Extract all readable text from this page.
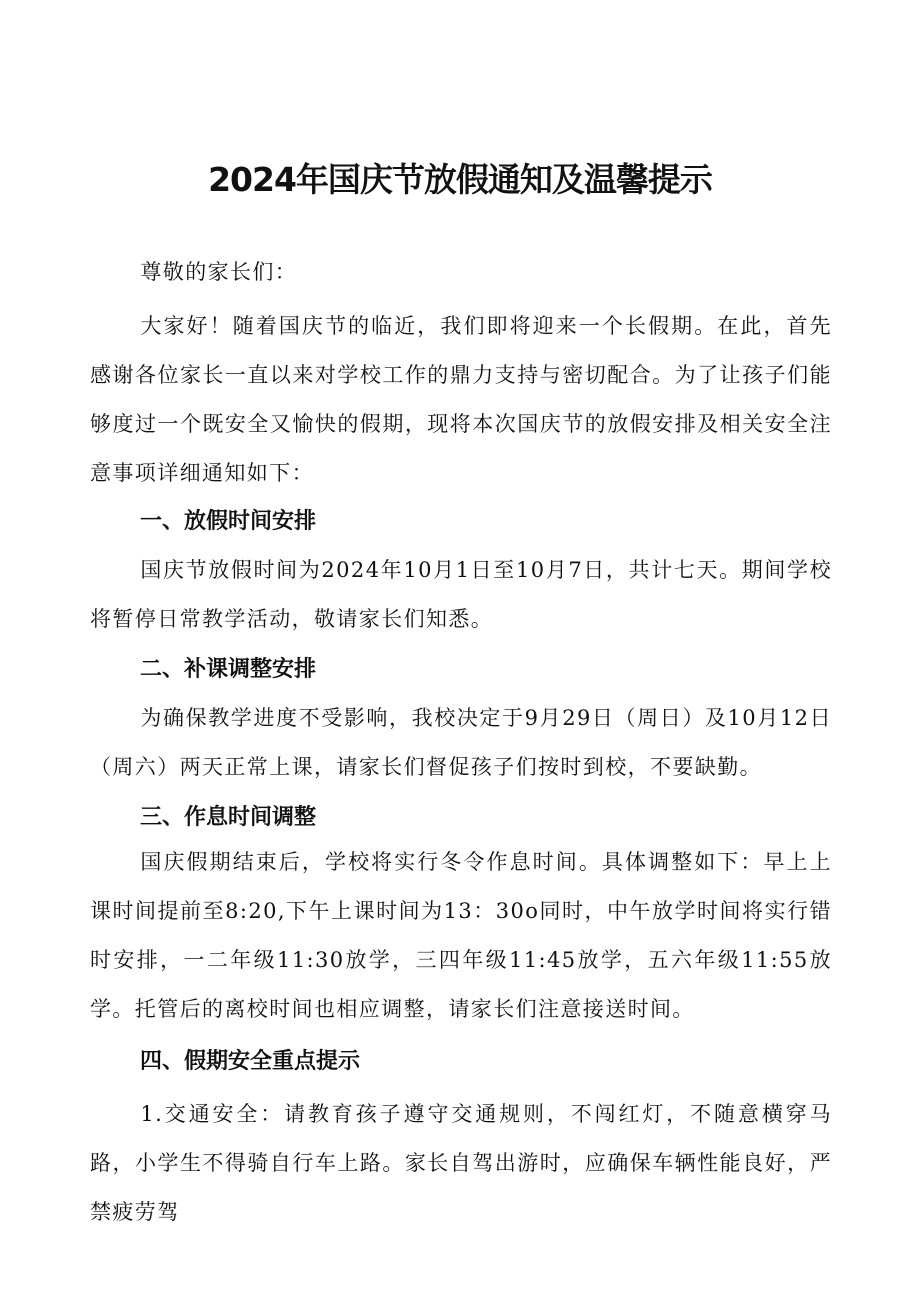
2024年国庆节放假通知及温馨提示

尊敬的家长们：

大家好！随着国庆节的临近，我们即将迎来一个长假期。在此，首先感谢各位家长一直以来对学校工作的鼎力支持与密切配合。为了让孩子们能够度过一个既安全又愉快的假期，现将本次国庆节的放假安排及相关安全注意事项详细通知如下：

一、放假时间安排

国庆节放假时间为2024年10月1日至10月7日，共计七天。期间学校将暂停日常教学活动，敬请家长们知悉。

二、补课调整安排

为确保教学进度不受影响，我校决定于9月29日（周日）及10月12日（周六）两天正常上课，请家长们督促孩子们按时到校，不要缺勤。

三、作息时间调整

国庆假期结束后，学校将实行冬令作息时间。具体调整如下：早上上课时间提前至8:20,下午上课时间为13：30o同时，中午放学时间将实行错时安排，一二年级11:30放学，三四年级11:45放学，五六年级11:55放学。托管后的离校时间也相应调整，请家长们注意接送时间。

四、假期安全重点提示

1.交通安全：请教育孩子遵守交通规则，不闯红灯，不随意横穿马路，小学生不得骑自行车上路。家长自驾出游时，应确保车辆性能良好，严禁疲劳驾
